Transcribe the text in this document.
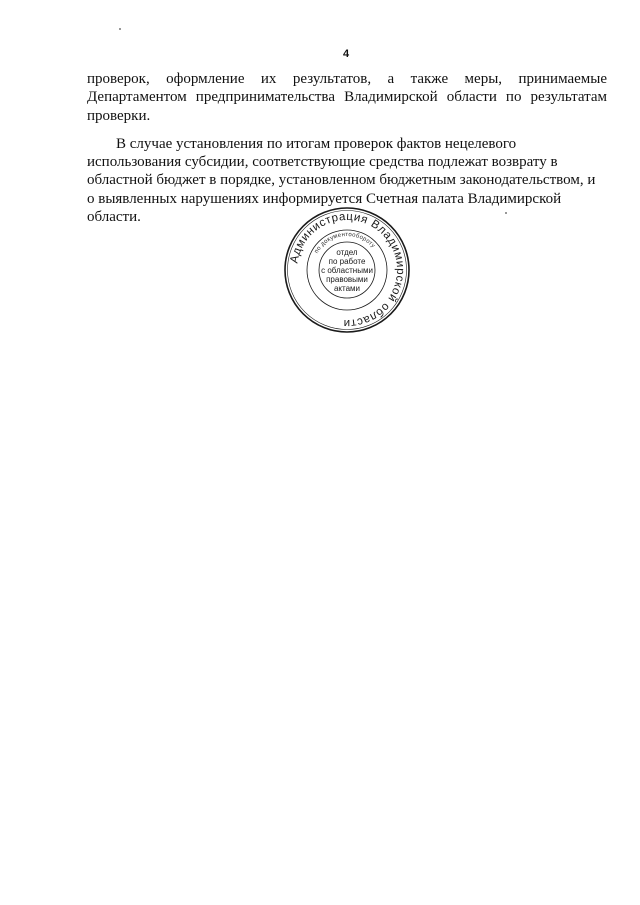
4

проверок, оформление их результатов, а также меры, принимаемые
Департаментом предпринимательства Владимирской области по результатам
проверки.

В случае установления по итогам проверок фактов нецелевого
использования субсидии, соответствующие средства подлежат возврату в
областной бюджет в порядке, установленном бюджетным законодательством, и
о выявленных нарушениях информируется Счетная палата Владимирской
области.

Администрация Владимирской области
по документообороту
отдел
по работе
с областными
правовыми
актами
